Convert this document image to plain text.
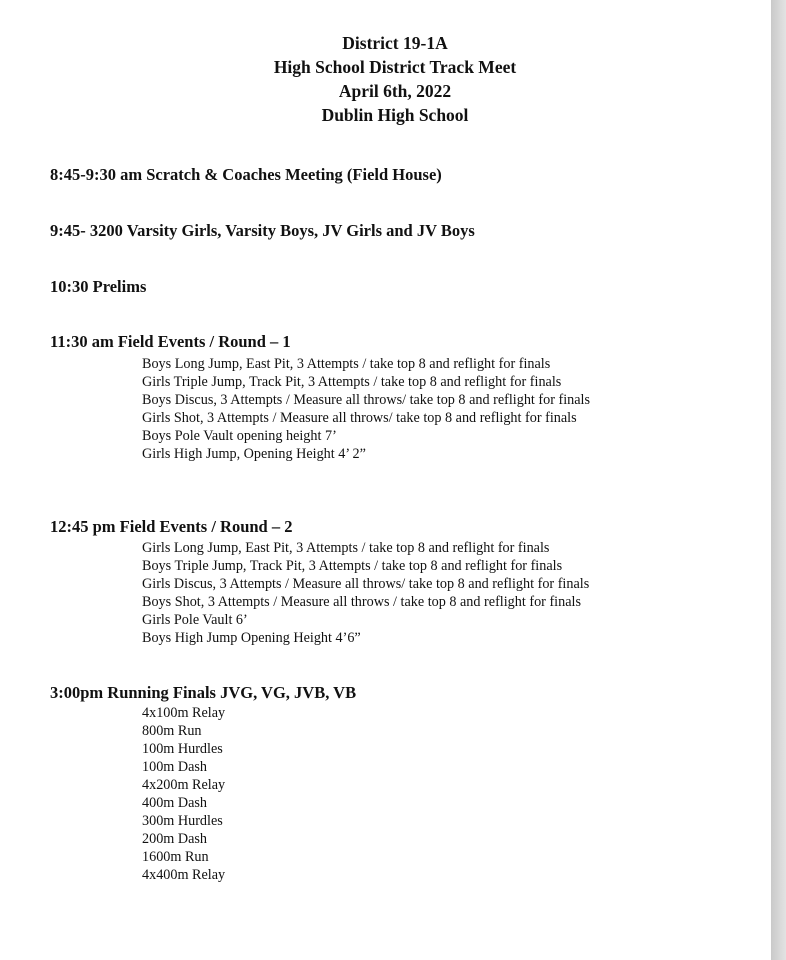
District 19-1A
High School District Track Meet
April 6th, 2022
Dublin High School
8:45-9:30 am Scratch & Coaches Meeting (Field House)
9:45- 3200 Varsity Girls, Varsity Boys, JV Girls and JV Boys
10:30 Prelims
11:30 am Field Events / Round – 1
Boys Long Jump, East Pit, 3 Attempts / take top 8 and reflight for finals
Girls Triple Jump, Track Pit, 3 Attempts / take top 8 and reflight for finals
Boys Discus, 3 Attempts / Measure all throws/ take top 8 and reflight for finals
Girls Shot, 3 Attempts / Measure all throws/ take top 8 and reflight for finals
Boys Pole Vault opening height 7’
Girls High Jump, Opening Height 4’ 2”
12:45 pm Field Events / Round – 2
Girls Long Jump, East Pit, 3 Attempts / take top 8 and reflight for finals
Boys Triple Jump, Track Pit, 3 Attempts / take top 8 and reflight for finals
Girls Discus, 3 Attempts / Measure all throws/ take top 8 and reflight for finals
Boys Shot, 3 Attempts / Measure all throws / take top 8 and reflight for finals
Girls Pole Vault 6’
Boys High Jump Opening Height 4’6”
3:00pm Running Finals JVG, VG, JVB, VB
4x100m Relay
800m Run
100m Hurdles
100m Dash
4x200m Relay
400m Dash
300m Hurdles
200m Dash
1600m Run
4x400m Relay
